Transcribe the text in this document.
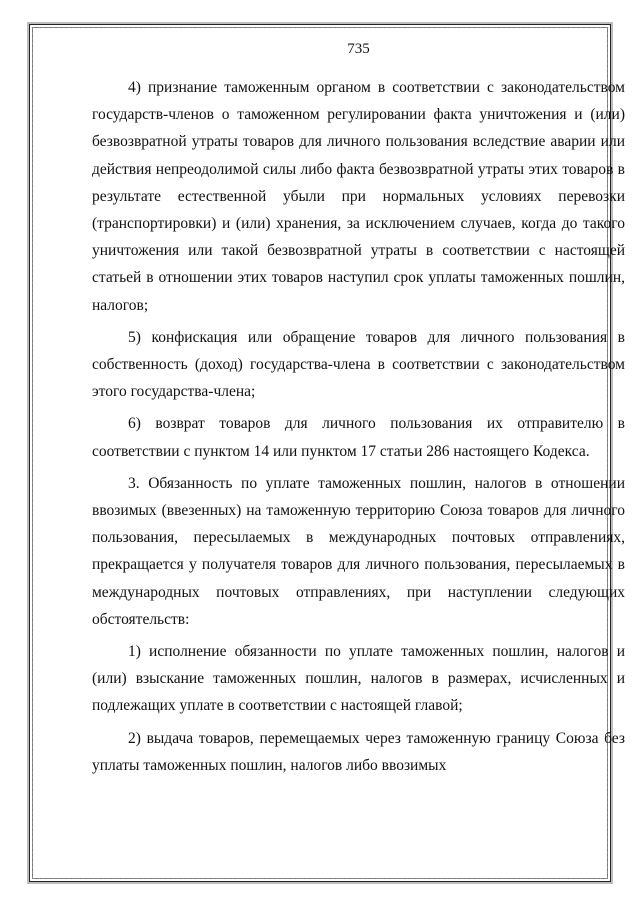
735

4) признание таможенным органом в соответствии с законодательством государств-членов о таможенном регулировании факта уничтожения и (или) безвозвратной утраты товаров для личного пользования вследствие аварии или действия непреодолимой силы либо факта безвозвратной утраты этих товаров в результате естественной убыли при нормальных условиях перевозки (транспортировки) и (или) хранения, за исключением случаев, когда до такого уничтожения или такой безвозвратной утраты в соответствии с настоящей статьей в отношении этих товаров наступил срок уплаты таможенных пошлин, налогов;

5) конфискация или обращение товаров для личного пользования в собственность (доход) государства-члена в соответствии с законодательством этого государства-члена;

6) возврат товаров для личного пользования их отправителю в соответствии с пунктом 14 или пунктом 17 статьи 286 настоящего Кодекса.

3. Обязанность по уплате таможенных пошлин, налогов в отношении ввозимых (ввезенных) на таможенную территорию Союза товаров для личного пользования, пересылаемых в международных почтовых отправлениях, прекращается у получателя товаров для личного пользования, пересылаемых в международных почтовых отправлениях, при наступлении следующих обстоятельств:

1) исполнение обязанности по уплате таможенных пошлин, налогов и (или) взыскание таможенных пошлин, налогов в размерах, исчисленных и подлежащих уплате в соответствии с настоящей главой;

2) выдача товаров, перемещаемых через таможенную границу Союза без уплаты таможенных пошлин, налогов либо ввозимых
